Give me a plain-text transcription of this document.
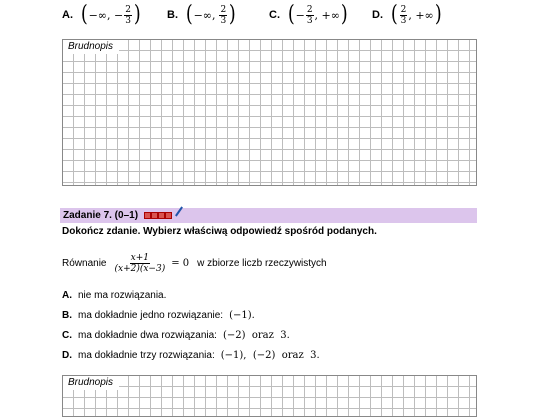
A. ( −∞, − $\frac{2}{3}$ ) B. ( −∞, $\frac{2}{3}$ )	C. ( − $\frac{2}{3}$ , +∞ ) D. ( $\frac{2}{3}$ , +∞ )
Brudnopis
Zadanie 7. (0–1)
Dokończ zdanie. Wybierz właściwą odpowiedź spośród podanych.
Równanie $\frac{x+1}{(x+2)(x-3)} = 0$ w zbiorze liczb rzeczywistych
A. nie ma rozwiązania.
B. ma dokładnie jedno rozwiązanie: (−1).
C. ma dokładnie dwa rozwiązania: (−2)  oraz  3.
D. ma dokładnie trzy rozwiązania: (−1),  (−2)  oraz  3.
Brudnopis
